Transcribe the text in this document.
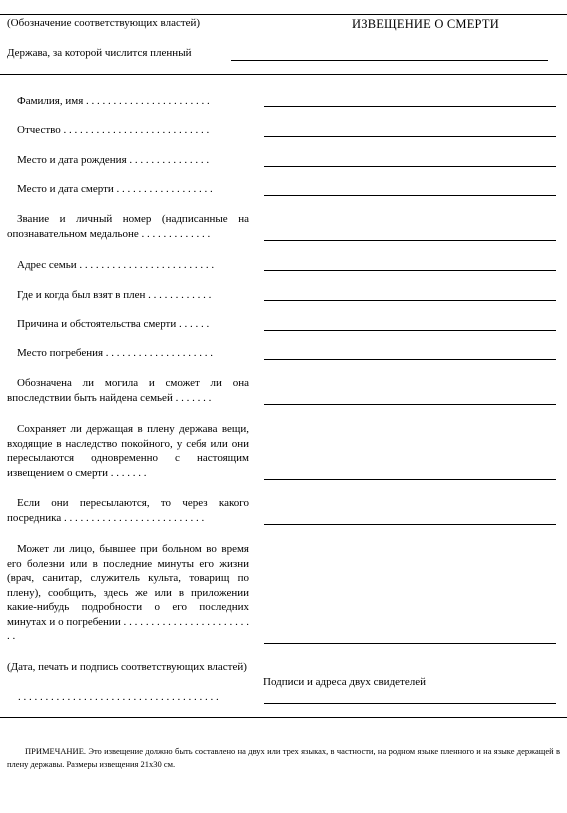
(Обозначение соответствующих властей)	ИЗВЕЩЕНИЕ О СМЕРТИ
Держава, за которой числится пленный
Фамилия, имя . . . . . . . . . . . . . . . . . . . . . . .
Отчество . . . . . . . . . . . . . . . . . . . . . . . . . . .
Место и дата рождения . . . . . . . . . . . . . . .
Место и дата смерти . . . . . . . . . . . . . . . . . .
Звание и личный номер (надписанные на опознавательном медальоне . . . . . . . . . . . . .
Адрес семьи . . . . . . . . . . . . . . . . . . . . . . . . .
Где и когда был взят в плен . . . . . . . . . . . .
Причина и обстоятельства смерти . . . . . .
Место погребения . . . . . . . . . . . . . . . . . . . .
Обозначена ли могила и сможет ли она впоследствии быть найдена семьей . . . . . . .
Сохраняет ли держащая в плену держава вещи, входящие в наследство покойного, у себя или они пересылаются одновременно с настоящим извещением о смерти . . . . . . .
Если они пересылаются, то через какого посредника . . . . . . . . . . . . . . . . . . . . . . . . . .
Может ли лицо, бывшее при больном во время его болезни или в последние минуты его жизни (врач, санитар, служитель культа, товарищ по плену), сообщить, здесь же или в приложении какие-нибудь подробности о его последних минутах и о погребении . . . . . . . . . . . . . . . . . . . . . . . . .
(Дата, печать и подпись соответствующих властей)
. . . . . . . . . . . . . . . . . . . . . . . . . . . . . . . . . . . . .
Подписи и адреса двух свидетелей
ПРИМЕЧАНИЕ. Это извещение должно быть составлено на двух или трех языках, в частности, на родном языке пленного и на языке держащей в плену державы. Размеры извещения 21x30 см.
